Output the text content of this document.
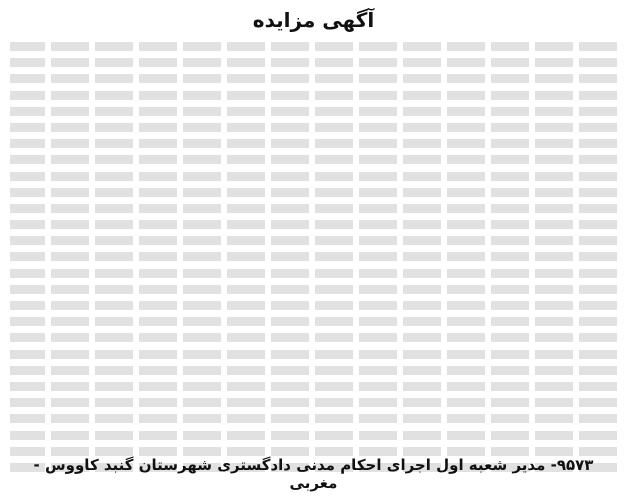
آگهی مزایده
۹۵۷۳- مدیر شعبه اول اجرای احکام مدنی دادگستری شهرستان گنبد کاووس - مغربی
